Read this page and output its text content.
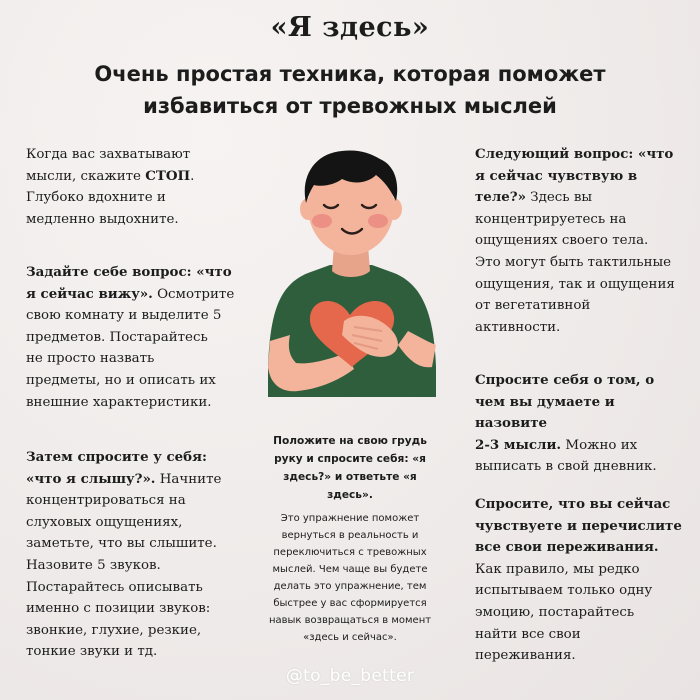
«Я здесь»
Очень простая техника, которая поможет
избавиться от тревожных мыслей
Когда вас захватывают
мысли, скажите СТОП.
Глубоко вдохните и
медленно выдохните.
Задайте себе вопрос: «что
я сейчас вижу». Осмотрите
свою комнату и выделите 5
предметов. Постарайтесь
не просто назвать
предметы, но и описать их
внешние характеристики.
Затем спросите у себя:
«что я слышу?». Начните
концентрироваться на
слуховых ощущениях,
заметьте, что вы слышите.
Назовите 5 звуков.
Постарайтесь описывать
именно с позиции звуков:
звонкие, глухие, резкие,
тонкие звуки и тд.
Следующий вопрос: «что
я сейчас чувствую в
теле?» Здесь вы
концентрируетесь на
ощущениях своего тела.
Это могут быть тактильные
ощущения, так и ощущения
от вегетативной
активности.
Спросите себя о том, о
чем вы думаете и назовите
2-3 мысли. Можно их
выписать в свой дневник.
Спросите, что вы сейчас
чувствуете и перечислите
все свои переживания.
Как правило, мы редко
испытываем только одну
эмоцию, постарайтесь
найти все свои
переживания.
Положите на свою грудь
руку и спросите себя: «я
здесь?» и ответьте «я здесь».
Это упражнение поможет
вернуться в реальность и
переключиться с тревожных
мыслей. Чем чаще вы будете
делать это упражнение, тем
быстрее у вас сформируется
навык возвращаться в момент
«здесь и сейчас».
@to_be_better
